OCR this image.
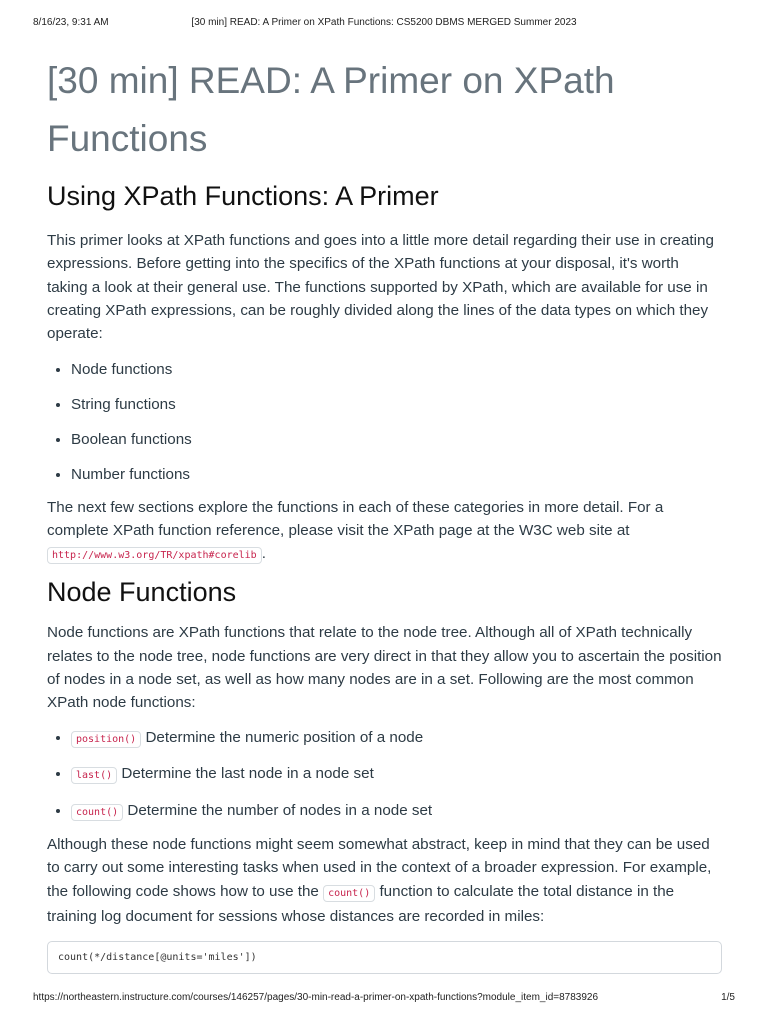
8/16/23, 9:31 AM	[30 min] READ: A Primer on XPath Functions: CS5200 DBMS MERGED Summer 2023
[30 min] READ: A Primer on XPath Functions
Using XPath Functions: A Primer

This primer looks at XPath functions and goes into a little more detail regarding their use in creating expressions. Before getting into the specifics of the XPath functions at your disposal, it's worth taking a look at their general use. The functions supported by XPath, which are available for use in creating XPath expressions, can be roughly divided along the lines of the data types on which they operate:

• Node functions
• String functions
• Boolean functions
• Number functions

The next few sections explore the functions in each of these categories in more detail. For a complete XPath function reference, please visit the XPath page at the W3C web site at http://www.w3.org/TR/xpath#corelib .

Node Functions

Node functions are XPath functions that relate to the node tree. Although all of XPath technically relates to the node tree, node functions are very direct in that they allow you to ascertain the position of nodes in a node set, as well as how many nodes are in a set. Following are the most common XPath node functions:

• position() Determine the numeric position of a node
• last() Determine the last node in a node set
• count() Determine the number of nodes in a node set

Although these node functions might seem somewhat abstract, keep in mind that they can be used to carry out some interesting tasks when used in the context of a broader expression. For example, the following code shows how to use the count() function to calculate the total distance in the training log document for sessions whose distances are recorded in miles:

count(*/distance[@units='miles'])
https://northeastern.instructure.com/courses/146257/pages/30-min-read-a-primer-on-xpath-functions?module_item_id=8783926	1/5
